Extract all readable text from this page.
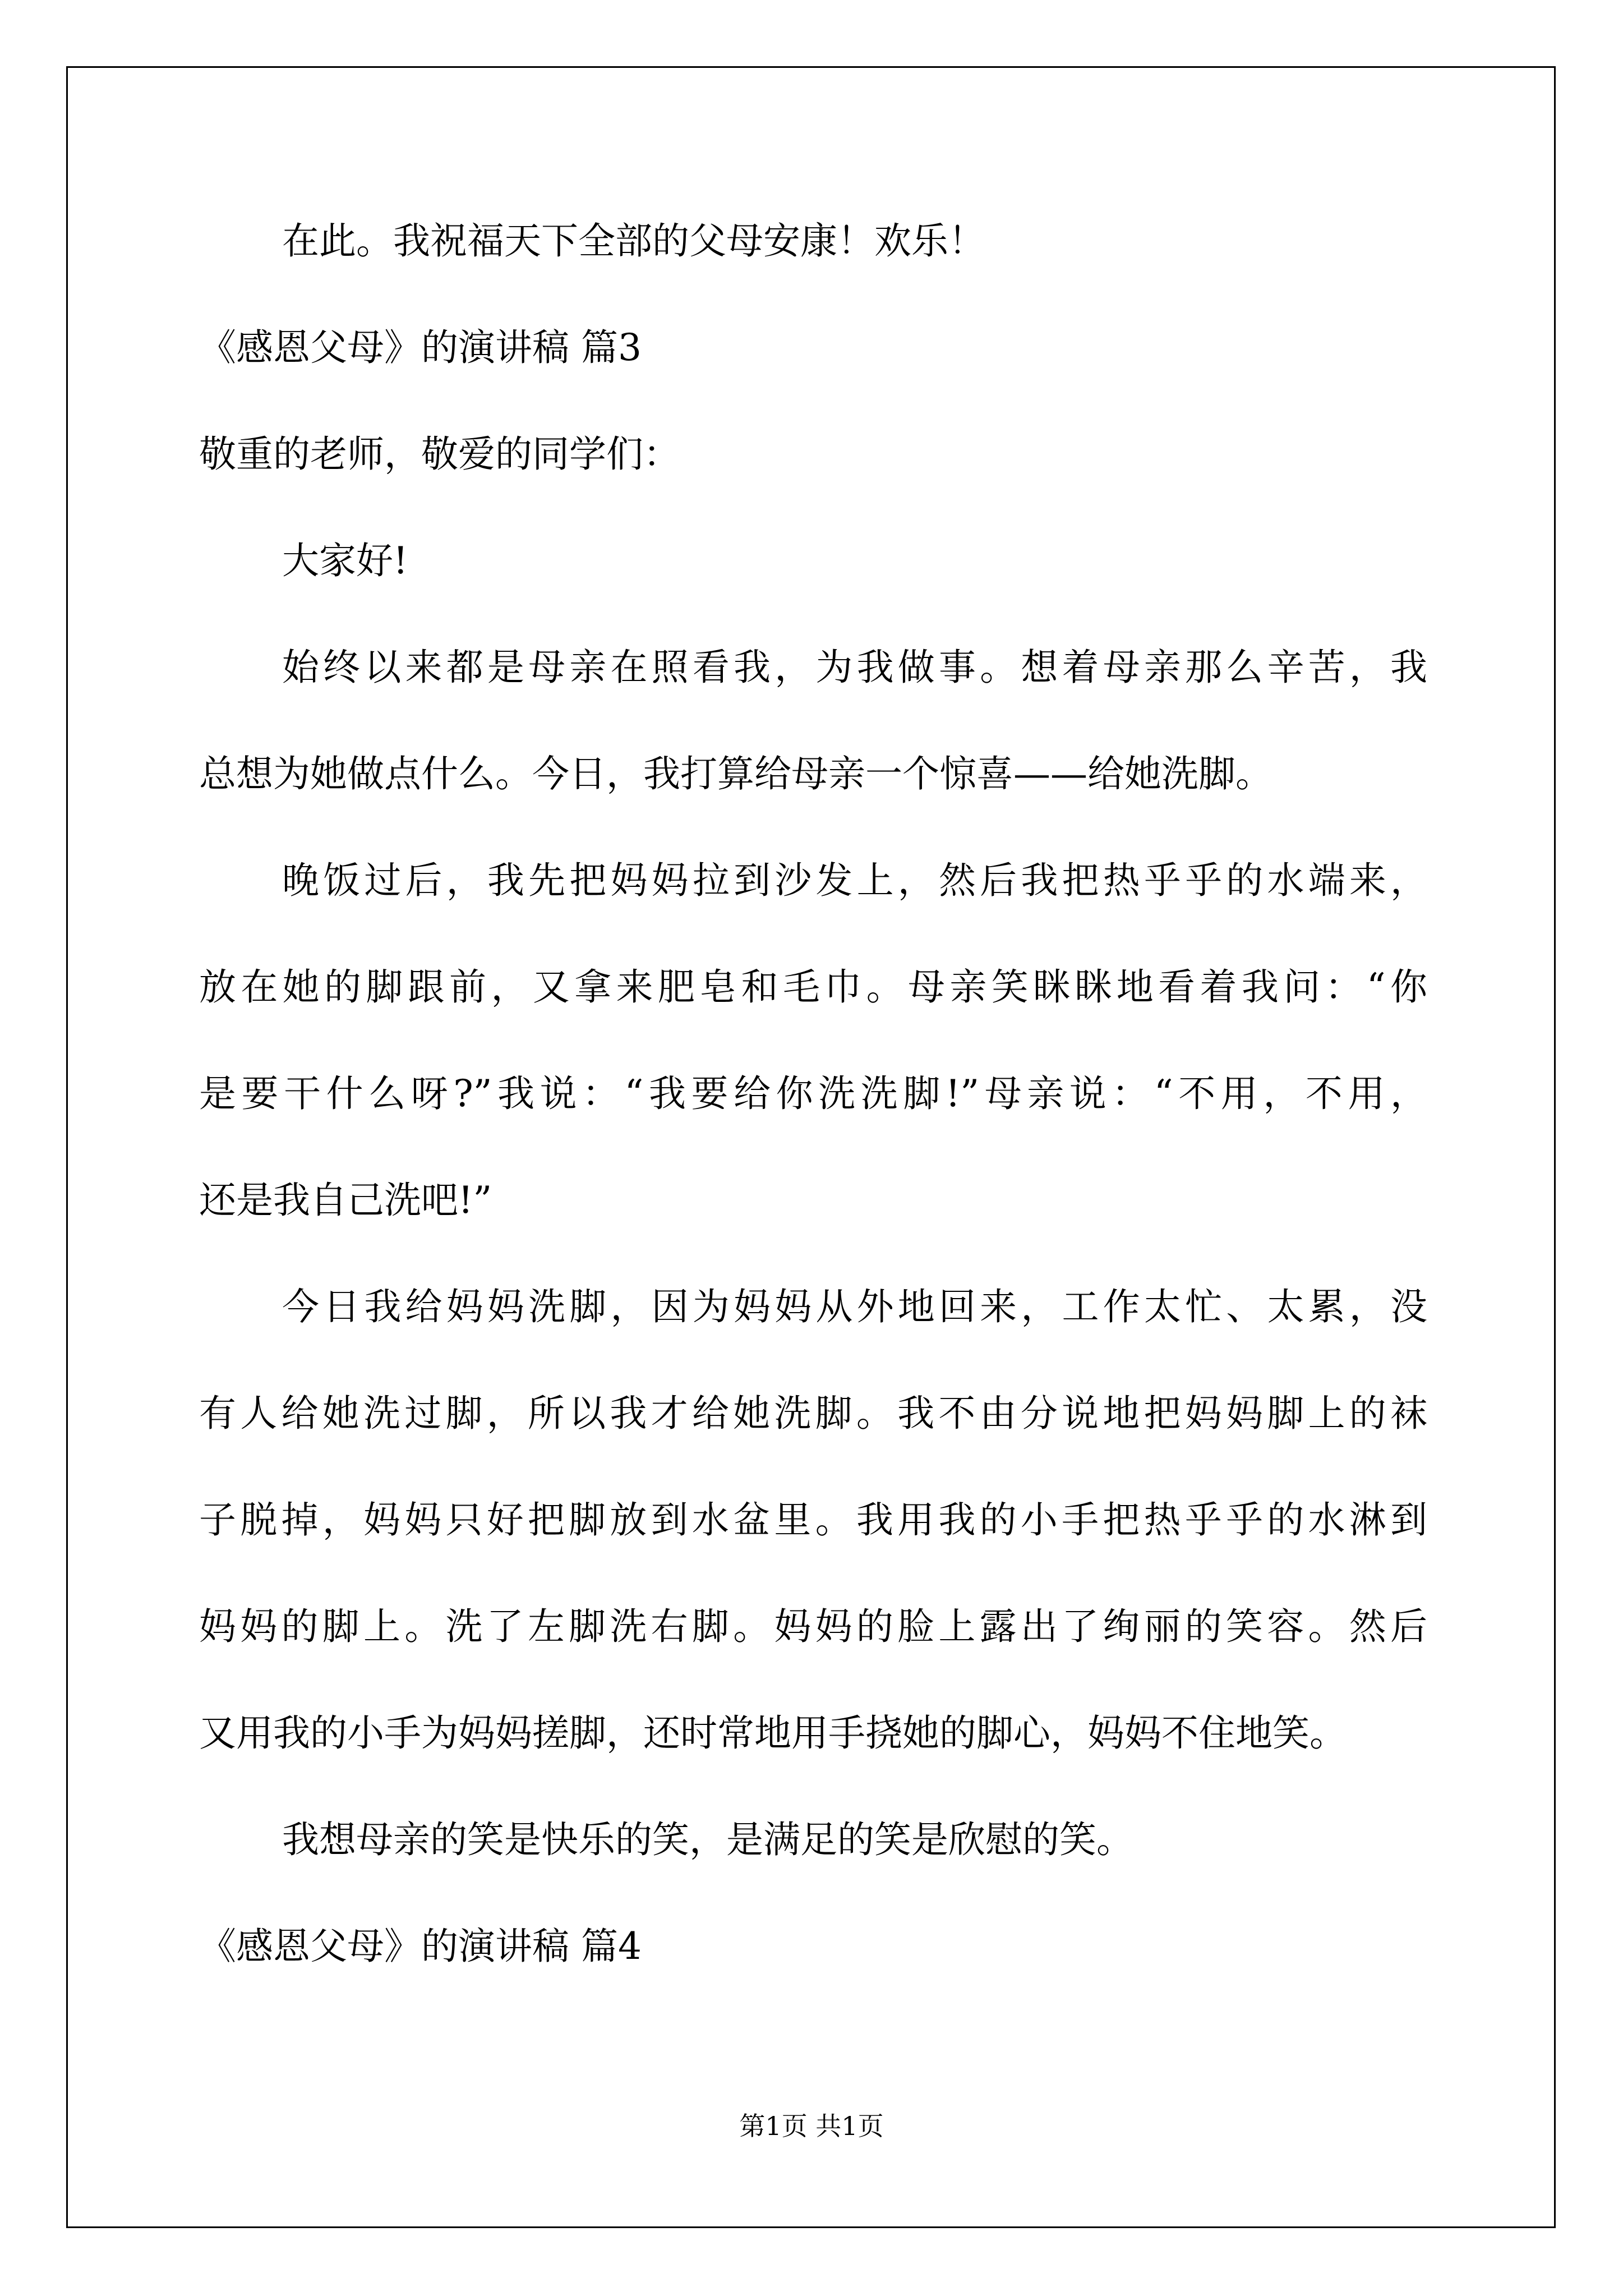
在此。我祝福天下全部的父母安康！欢乐！
《感恩父母》的演讲稿 篇3
敬重的老师，敬爱的同学们：
大家好!
始终以来都是母亲在照看我，为我做事。想着母亲那么辛苦，我
总想为她做点什么。今日，我打算给母亲一个惊喜——给她洗脚。
晚饭过后，我先把妈妈拉到沙发上，然后我把热乎乎的水端来，
放在她的脚跟前，又拿来肥皂和毛巾。母亲笑眯眯地看着我问：“你
是要干什么呀?”我说：“我要给你洗洗脚!”母亲说：“不用，不用，
还是我自己洗吧!”
今日我给妈妈洗脚，因为妈妈从外地回来，工作太忙、太累，没
有人给她洗过脚，所以我才给她洗脚。我不由分说地把妈妈脚上的袜
子脱掉，妈妈只好把脚放到水盆里。我用我的小手把热乎乎的水淋到
妈妈的脚上。洗了左脚洗右脚。妈妈的脸上露出了绚丽的笑容。然后
又用我的小手为妈妈搓脚，还时常地用手挠她的脚心，妈妈不住地笑。
我想母亲的笑是快乐的笑，是满足的笑是欣慰的笑。
《感恩父母》的演讲稿 篇4
第1页 共1页
